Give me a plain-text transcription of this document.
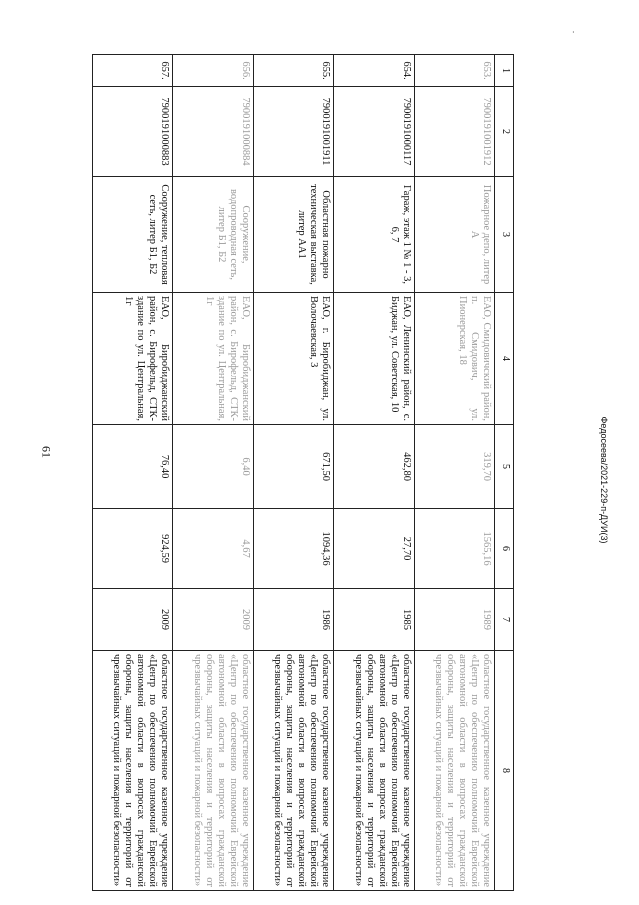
61
·
1	2	3	4	5	6	7	8
653.	7900191001912	Пожарное депо, литер А	ЕАО, Смидовичский район, п. Смидович, ул. Пионерская, 18	319,70	1565,16	1989	областное государственное казенное учреждение «Центр по обеспечению полномочий Еврейской автономной области в вопросах гражданской обороны, защиты населения и территорий от чрезвычайных ситуаций и пожарной безопасности»
654.	7900191000117	Гараж, этаж 1 № 1 - 3, 6, 7	ЕАО, Ленинский район, с. Биджан, ул. Советская, 10	462,80	27,70	1985	областное государственное казенное учреждение «Центр по обеспечению полномочий Еврейской автономной области в вопросах гражданской обороны, защиты населения и территорий от чрезвычайных ситуаций и пожарной безопасности»
655.	7900191001911	Областная пожарно техническая выставка, литер АА1	ЕАО, г. Биробиджан, ул. Волочаевская, 3	671,50	1094,36	1986	областное государственное казенное учреждение «Центр по обеспечению полномочий Еврейской автономной области в вопросах гражданской обороны, защиты населения и территорий от чрезвычайных ситуаций и пожарной безопасности»
656.	7900191000884	Сооружение, водопроводная сеть, литер Б1, Б2	ЕАО, Биробиджанский район, с. Бирофельд, СТК-здание по ул. Центральная, 1г	6,40	4,67	2009	областное государственное казенное учреждение «Центр по обеспечению полномочий Еврейской автономной области в вопросах гражданской обороны, защиты населения и территорий от чрезвычайных ситуаций и пожарной безопасности»
657.	7900191000883	Сооружение, тепловая сеть, литер Б1, Б2	ЕАО, Биробиджанский район, с. Бирофельд, СТК-здание по ул. Центральная, 1г	76,40	924,59	2009	областное государственное казенное учреждение «Центр по обеспечению полномочий Еврейской автономной области в вопросах гражданской обороны, защиты населения и территорий от чрезвычайных ситуаций и пожарной безопасности»
Федосеева/2021-229-п-ДУИ(3)
